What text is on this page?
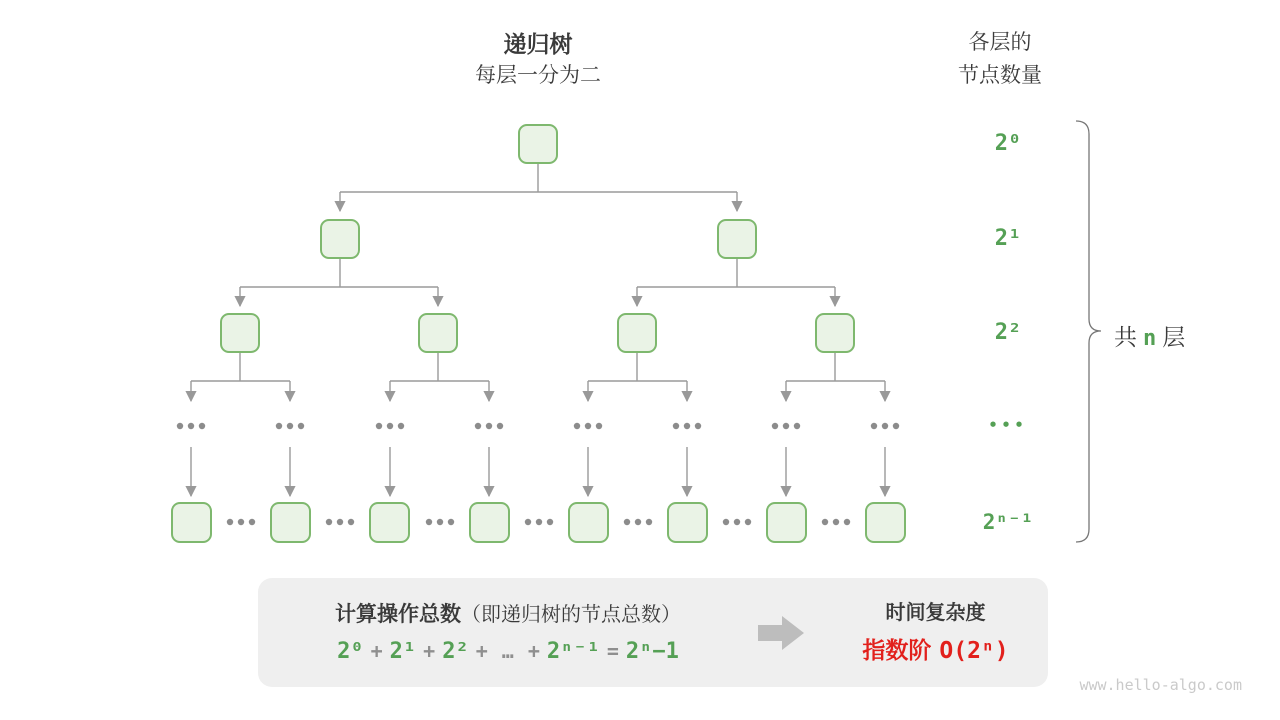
递归树
每层一分为二
各层的
节点数量
2⁰
2¹
2²
•••
2ⁿ⁻¹
共 n 层
计算操作总数（即递归树的节点总数）
2⁰ + 2¹ + 2² + … + 2ⁿ⁻¹ = 2ⁿ−1
时间复杂度
指数阶 O(2ⁿ)
www.hello-algo.com
